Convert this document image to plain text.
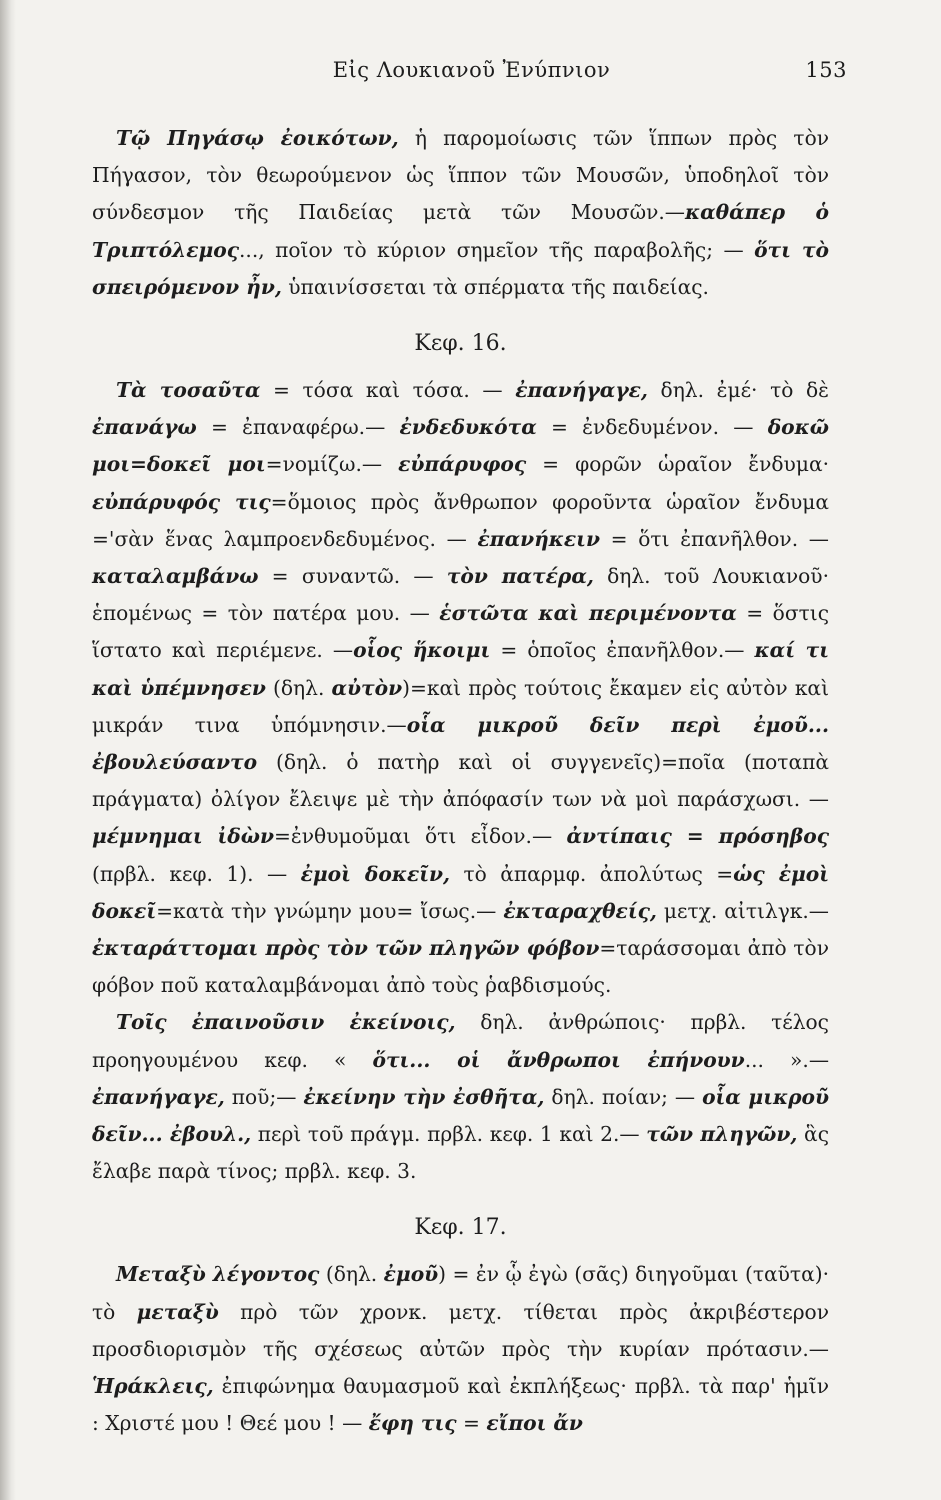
Εἰς Λουκιανοῦ Ἐνύπνιον	153

Τῷ Πηγάσῳ ἐοικότων, ἡ παρομοίωσις τῶν ἵππων πρὸς τὸν Πήγασον, τὸν θεωρούμενον ὡς ἵππον τῶν Μουσῶν, ὑποδηλοῖ τὸν σύνδεσμον τῆς Παιδείας μετὰ τῶν Μουσῶν.—καθάπερ ὁ Τριπτόλεμος..., ποῖον τὸ κύριον σημεῖον τῆς παραβολῆς; — ὅτι τὸ σπειρόμενον ἦν, ὑπαινίσσεται τὰ σπέρματα τῆς παιδείας.

Κεφ. 16.

Τὰ τοσαῦτα = τόσα καὶ τόσα. — ἐπανήγαγε, δηλ. ἐμέ· τὸ δὲ ἐπανάγω = ἐπαναφέρω.— ἐνδεδυκότα = ἐνδεδυμένον. — δοκῶ μοι=δοκεῖ μοι=νομίζω.— εὐπάρυφος = φορῶν ὡραῖον ἔνδυμα· εὐπάρυφός τις=ὅμοιος πρὸς ἄνθρωπον φοροῦντα ὡραῖον ἔνδυμα ='σὰν ἕνας λαμπροενδεδυμένος. — ἐπανήκειν = ὅτι ἐπανῆλθον. — καταλαμβάνω = συναντῶ. — τὸν πατέρα, δηλ. τοῦ Λουκιανοῦ· ἑπομένως = τὸν πατέρα μου. — ἑστῶτα καὶ περιμένοντα = ὅστις ἵστατο καὶ περιέμενε. —οἷος ἥκοιμι = ὁποῖος ἐπανῆλθον.— καί τι καὶ ὑπέμνησεν (δηλ. αὐτὸν)=καὶ πρὸς τούτοις ἔκαμεν εἰς αὐτὸν καὶ μικράν τινα ὑπόμνησιν.—οἷα μικροῦ δεῖν περὶ ἐμοῦ... ἐβουλεύσαντο (δηλ. ὁ πατὴρ καὶ οἱ συγγενεῖς)=ποῖα (ποταπὰ πράγματα) ὀλίγον ἔλειψε μὲ τὴν ἀπόφασίν των νὰ μοὶ παράσχωσι. — μέμνημαι ἰδὼν=ἐνθυμοῦμαι ὅτι εἶδον.— ἀντίπαις = πρόσηβος (πρβλ. κεφ. 1). — ἐμοὶ δοκεῖν, τὸ ἀπαρμφ. ἀπολύτως =ὡς ἐμοὶ δοκεῖ=κατὰ τὴν γνώμην μου= ἴσως.— ἐκταραχθείς, μετχ. αἰτιλγκ.— ἐκταράττομαι πρὸς τὸν τῶν πληγῶν φόβον=ταράσσομαι ἀπὸ τὸν φόβον ποῦ καταλαμβάνομαι ἀπὸ τοὺς ῥαβδισμούς.

Τοῖς ἐπαινοῦσιν ἐκείνοις, δηλ. ἀνθρώποις· πρβλ. τέλος προηγουμένου κεφ. « ὅτι... οἱ ἄνθρωποι ἐπήνουν... ».— ἐπανήγαγε, ποῦ;— ἐκείνην τὴν ἐσθῆτα, δηλ. ποίαν; — οἷα μικροῦ δεῖν... ἐβουλ., περὶ τοῦ πράγμ. πρβλ. κεφ. 1 καὶ 2.— τῶν πληγῶν, ἃς ἔλαβε παρὰ τίνος; πρβλ. κεφ. 3.

Κεφ. 17.

Μεταξὺ λέγοντος (δηλ. ἐμοῦ) = ἐν ᾧ ἐγὼ (σᾶς) διηγοῦμαι (ταῦτα)· τὸ μεταξὺ πρὸ τῶν χρονκ. μετχ. τίθεται πρὸς ἀκριβέστερον προσδιορισμὸν τῆς σχέσεως αὐτῶν πρὸς τὴν κυρίαν πρότασιν.—Ἡράκλεις, ἐπιφώνημα θαυμασμοῦ καὶ ἐκπλήξεως· πρβλ. τὰ παρ' ἡμῖν : Χριστέ μου ! Θεέ μου ! — ἔφη τις = εἴποι ἄν
